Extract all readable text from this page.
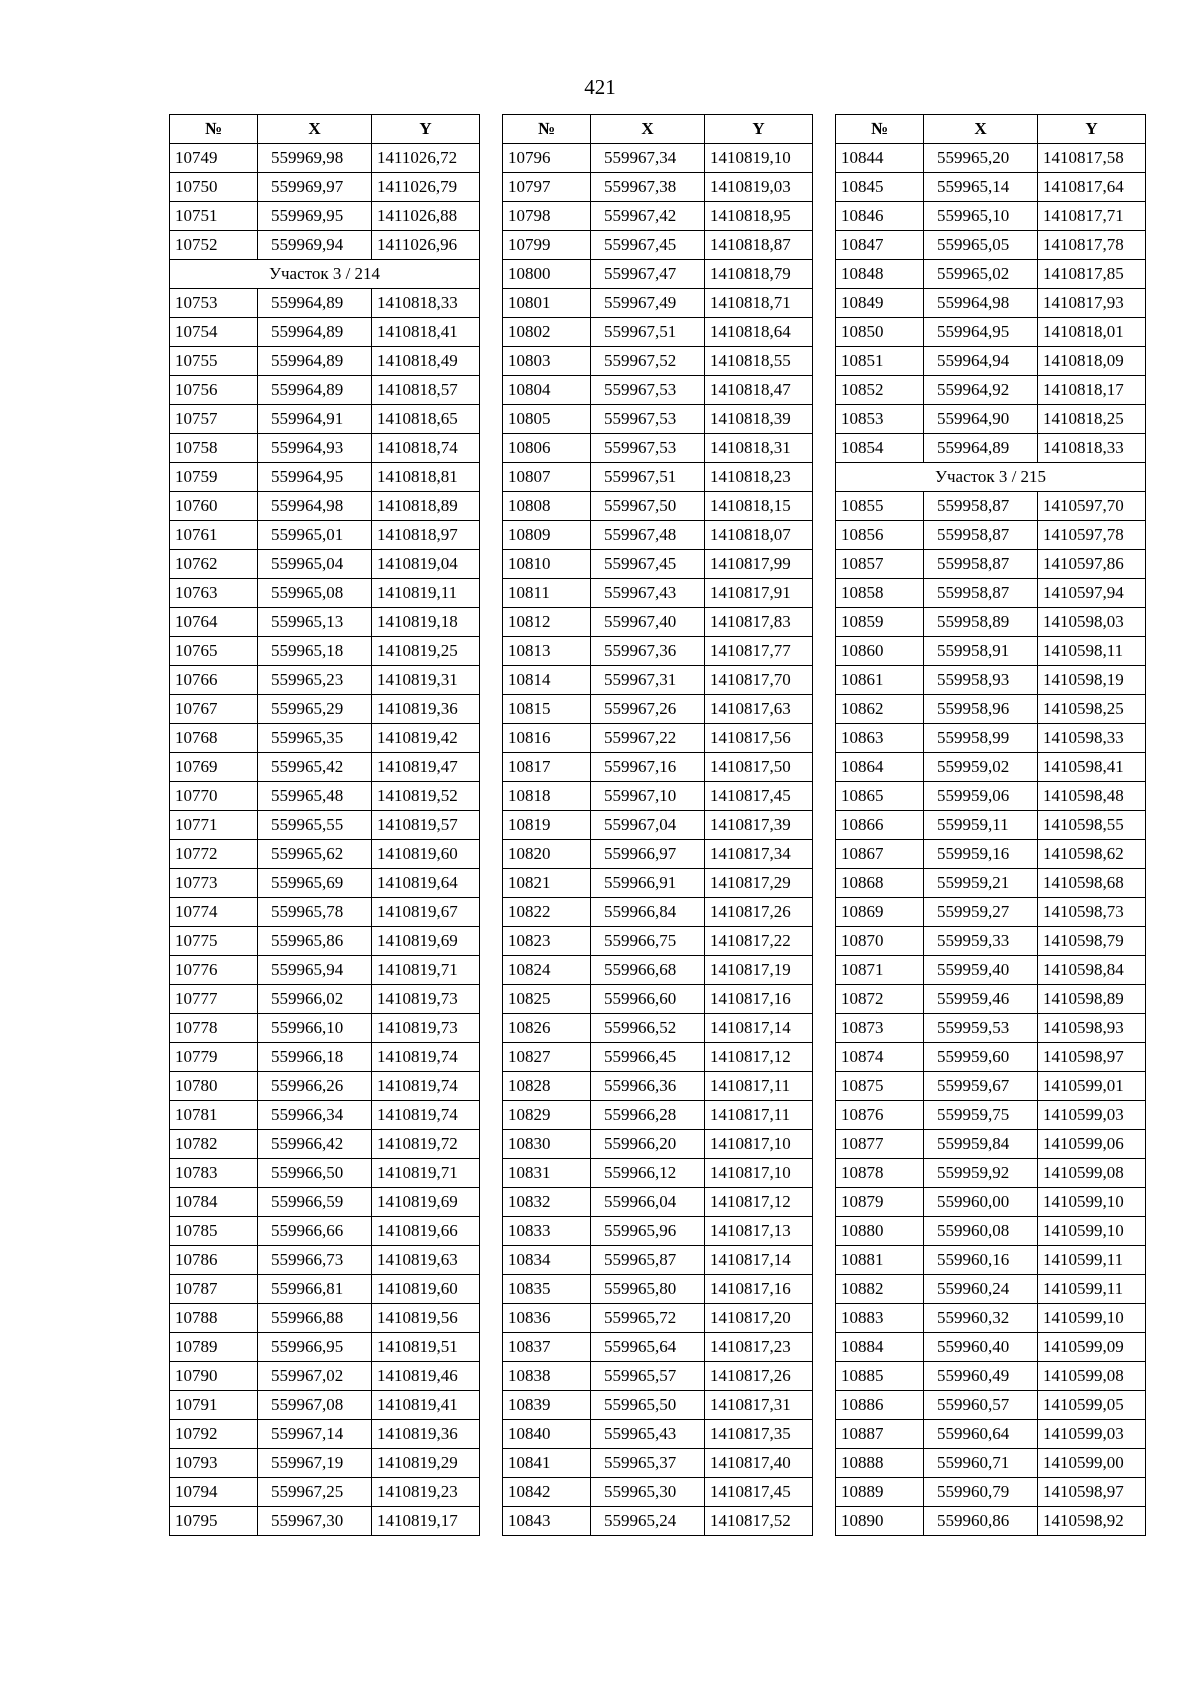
421
№	X	Y
10749	559969,98	1411026,72
10750	559969,97	1411026,79
10751	559969,95	1411026,88
10752	559969,94	1411026,96
Участок 3 / 214		
10753	559964,89	1410818,33
10754	559964,89	1410818,41
10755	559964,89	1410818,49
10756	559964,89	1410818,57
10757	559964,91	1410818,65
10758	559964,93	1410818,74
10759	559964,95	1410818,81
10760	559964,98	1410818,89
10761	559965,01	1410818,97
10762	559965,04	1410819,04
10763	559965,08	1410819,11
10764	559965,13	1410819,18
10765	559965,18	1410819,25
10766	559965,23	1410819,31
10767	559965,29	1410819,36
10768	559965,35	1410819,42
10769	559965,42	1410819,47
10770	559965,48	1410819,52
10771	559965,55	1410819,57
10772	559965,62	1410819,60
10773	559965,69	1410819,64
10774	559965,78	1410819,67
10775	559965,86	1410819,69
10776	559965,94	1410819,71
10777	559966,02	1410819,73
10778	559966,10	1410819,73
10779	559966,18	1410819,74
10780	559966,26	1410819,74
10781	559966,34	1410819,74
10782	559966,42	1410819,72
10783	559966,50	1410819,71
10784	559966,59	1410819,69
10785	559966,66	1410819,66
10786	559966,73	1410819,63
10787	559966,81	1410819,60
10788	559966,88	1410819,56
10789	559966,95	1410819,51
10790	559967,02	1410819,46
10791	559967,08	1410819,41
10792	559967,14	1410819,36
10793	559967,19	1410819,29
10794	559967,25	1410819,23
10795	559967,30	1410819,17
№	X	Y
10796	559967,34	1410819,10
10797	559967,38	1410819,03
10798	559967,42	1410818,95
10799	559967,45	1410818,87
10800	559967,47	1410818,79
10801	559967,49	1410818,71
10802	559967,51	1410818,64
10803	559967,52	1410818,55
10804	559967,53	1410818,47
10805	559967,53	1410818,39
10806	559967,53	1410818,31
10807	559967,51	1410818,23
10808	559967,50	1410818,15
10809	559967,48	1410818,07
10810	559967,45	1410817,99
10811	559967,43	1410817,91
10812	559967,40	1410817,83
10813	559967,36	1410817,77
10814	559967,31	1410817,70
10815	559967,26	1410817,63
10816	559967,22	1410817,56
10817	559967,16	1410817,50
10818	559967,10	1410817,45
10819	559967,04	1410817,39
10820	559966,97	1410817,34
10821	559966,91	1410817,29
10822	559966,84	1410817,26
10823	559966,75	1410817,22
10824	559966,68	1410817,19
10825	559966,60	1410817,16
10826	559966,52	1410817,14
10827	559966,45	1410817,12
10828	559966,36	1410817,11
10829	559966,28	1410817,11
10830	559966,20	1410817,10
10831	559966,12	1410817,10
10832	559966,04	1410817,12
10833	559965,96	1410817,13
10834	559965,87	1410817,14
10835	559965,80	1410817,16
10836	559965,72	1410817,20
10837	559965,64	1410817,23
10838	559965,57	1410817,26
10839	559965,50	1410817,31
10840	559965,43	1410817,35
10841	559965,37	1410817,40
10842	559965,30	1410817,45
10843	559965,24	1410817,52
№	X	Y
10844	559965,20	1410817,58
10845	559965,14	1410817,64
10846	559965,10	1410817,71
10847	559965,05	1410817,78
10848	559965,02	1410817,85
10849	559964,98	1410817,93
10850	559964,95	1410818,01
10851	559964,94	1410818,09
10852	559964,92	1410818,17
10853	559964,90	1410818,25
10854	559964,89	1410818,33
Участок 3 / 215		
10855	559958,87	1410597,70
10856	559958,87	1410597,78
10857	559958,87	1410597,86
10858	559958,87	1410597,94
10859	559958,89	1410598,03
10860	559958,91	1410598,11
10861	559958,93	1410598,19
10862	559958,96	1410598,25
10863	559958,99	1410598,33
10864	559959,02	1410598,41
10865	559959,06	1410598,48
10866	559959,11	1410598,55
10867	559959,16	1410598,62
10868	559959,21	1410598,68
10869	559959,27	1410598,73
10870	559959,33	1410598,79
10871	559959,40	1410598,84
10872	559959,46	1410598,89
10873	559959,53	1410598,93
10874	559959,60	1410598,97
10875	559959,67	1410599,01
10876	559959,75	1410599,03
10877	559959,84	1410599,06
10878	559959,92	1410599,08
10879	559960,00	1410599,10
10880	559960,08	1410599,10
10881	559960,16	1410599,11
10882	559960,24	1410599,11
10883	559960,32	1410599,10
10884	559960,40	1410599,09
10885	559960,49	1410599,08
10886	559960,57	1410599,05
10887	559960,64	1410599,03
10888	559960,71	1410599,00
10889	559960,79	1410598,97
10890	559960,86	1410598,92
